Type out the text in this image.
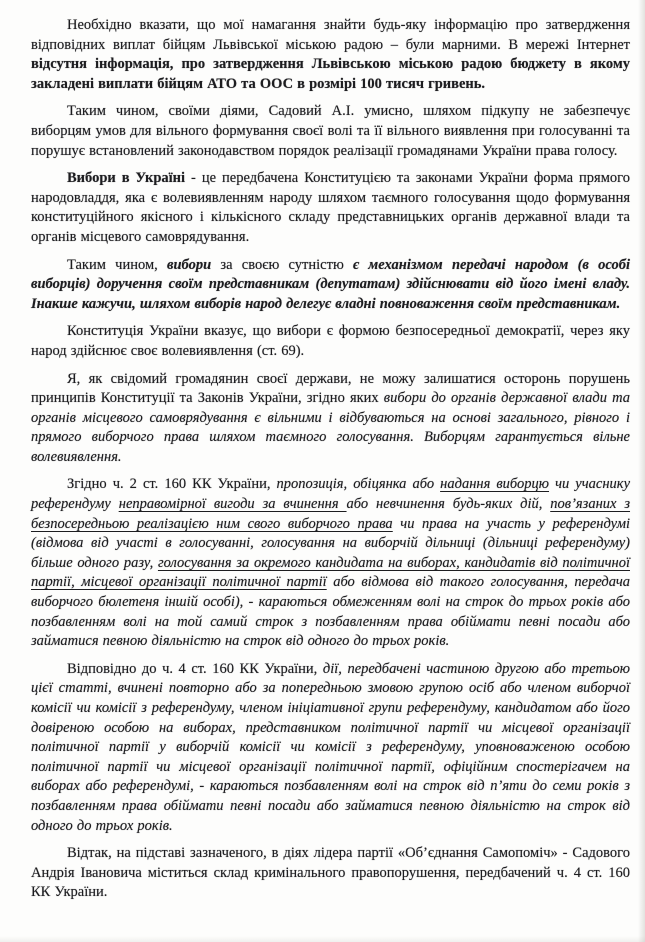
Необхідно вказати, що мої намагання знайти будь-яку інформацію про затвердження відповідних виплат бійцям Львівської міською радою – були марними. В мережі Інтернет відсутня інформація, про затвердження Львівською міською радою бюджету в якому закладені виплати бійцям АТО та ООС в розмірі 100 тисяч гривень.

Таким чином, своїми діями, Садовий А.І. умисно, шляхом підкупу не забезпечує виборцям умов для вільного формування своєї волі та її вільного виявлення при голосуванні та порушує встановлений законодавством порядок реалізації громадянами України права голосу.

Вибори в Україні - це передбачена Конституцією та законами України форма прямого народовладдя, яка є волевиявленням народу шляхом таємного голосування щодо формування конституційного якісного і кількісного складу представницьких органів державної влади та органів місцевого самоврядування.

Таким чином, вибори за своєю сутністю є механізмом передачі народом (в особі виборців) доручення своїм представникам (депутатам) здійснювати від його імені владу. Інакше кажучи, шляхом виборів народ делегує владні повноваження своїм представникам.

Конституція України вказує, що вибори є формою безпосередньої демократії, через яку народ здійснює своє волевиявлення (ст. 69).

Я, як свідомий громадянин своєї держави, не можу залишатися осторонь порушень принципів Конституції та Законів України, згідно яких вибори до органів державної влади та органів місцевого самоврядування є вільними і відбуваються на основі загального, рівного і прямого виборчого права шляхом таємного голосування. Виборцям гарантується вільне волевиявлення.

Згідно ч. 2 ст. 160 КК України, пропозиція, обіцянка або надання виборцю чи учаснику референдуму неправомірної вигоди за вчинення або невчинення будь-яких дій, пов’язаних з безпосередньою реалізацією ним свого виборчого права чи права на участь у референдумі (відмова від участі в голосуванні, голосування на виборчій дільниці (дільниці референдуму) більше одного разу, голосування за окремого кандидата на виборах, кандидатів від політичної партії, місцевої організації політичної партії або відмова від такого голосування, передача виборчого бюлетеня іншій особі), - караються обмеженням волі на строк до трьох років або позбавленням волі на той самий строк з позбавленням права обіймати певні посади або займатися певною діяльністю на строк від одного до трьох років.

Відповідно до ч. 4 ст. 160 КК України, дії, передбачені частиною другою або третьою цієї статті, вчинені повторно або за попередньою змовою групою осіб або членом виборчої комісії чи комісії з референдуму, членом ініціативної групи референдуму, кандидатом або його довіреною особою на виборах, представником політичної партії чи місцевої організації політичної партії у виборчій комісії чи комісії з референдуму, уповноваженою особою політичної партії чи місцевої організації політичної партії, офіційним спостерігачем на виборах або референдумі, - караються позбавленням волі на строк від п’яти до семи років з позбавленням права обіймати певні посади або займатися певною діяльністю на строк від одного до трьох років.

Відтак, на підставі зазначеного, в діях лідера партії «Об’єднання Самопоміч» - Садового Андрія Івановича міститься склад кримінального правопорушення, передбачений ч. 4 ст. 160 КК України.
